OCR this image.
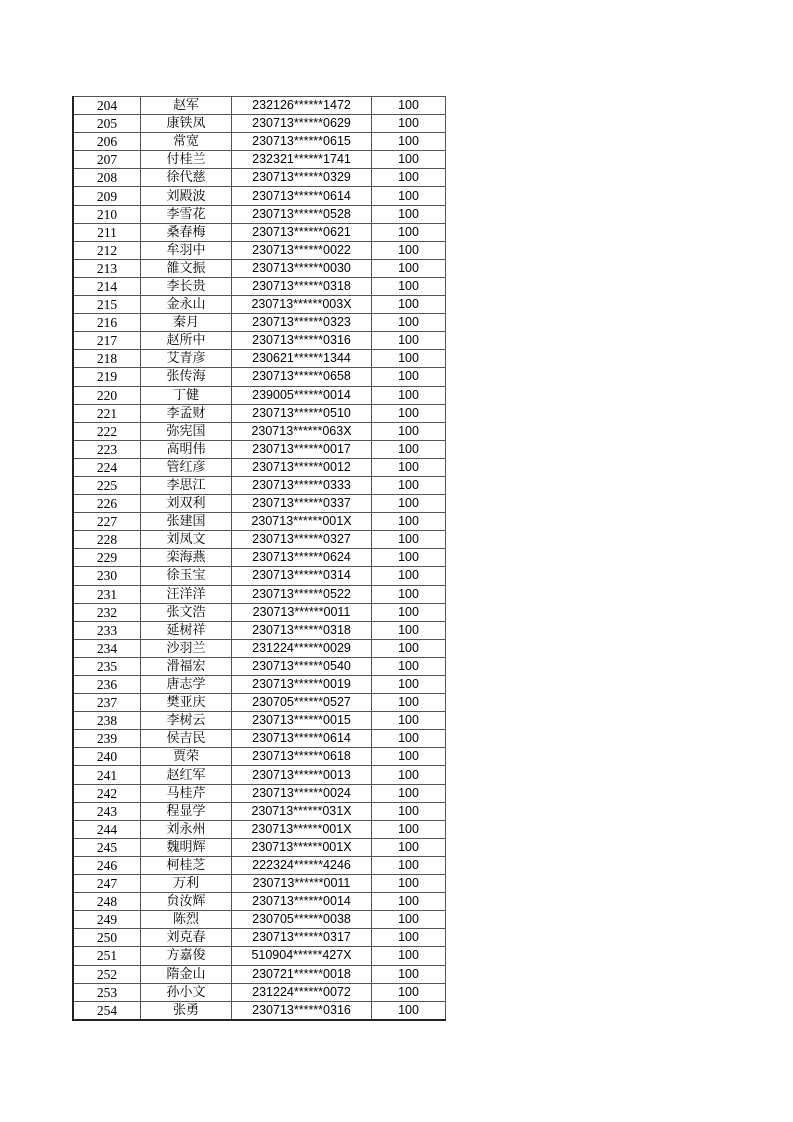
204	赵军	232126******1472	100
205	康铁凤	230713******0629	100
206	常宽	230713******0615	100
207	付桂兰	232321******1741	100
208	徐代慈	230713******0329	100
209	刘殿波	230713******0614	100
210	李雪花	230713******0528	100
211	桑春梅	230713******0621	100
212	牟羽中	230713******0022	100
213	雒文振	230713******0030	100
214	李长贵	230713******0318	100
215	金永山	230713******003X	100
216	秦月	230713******0323	100
217	赵所中	230713******0316	100
218	艾青彦	230621******1344	100
219	张传海	230713******0658	100
220	丁健	239005******0014	100
221	李孟财	230713******0510	100
222	弥宪国	230713******063X	100
223	高明伟	230713******0017	100
224	管红彦	230713******0012	100
225	李思江	230713******0333	100
226	刘双利	230713******0337	100
227	张建国	230713******001X	100
228	刘凤文	230713******0327	100
229	栾海燕	230713******0624	100
230	徐玉宝	230713******0314	100
231	汪洋洋	230713******0522	100
232	张文浩	230713******0011	100
233	延树祥	230713******0318	100
234	沙羽兰	231224******0029	100
235	滑福宏	230713******0540	100
236	唐志学	230713******0019	100
237	樊亚庆	230705******0527	100
238	李树云	230713******0015	100
239	侯吉民	230713******0614	100
240	贾荣	230713******0618	100
241	赵红军	230713******0013	100
242	马桂芹	230713******0024	100
243	程显学	230713******031X	100
244	刘永州	230713******001X	100
245	魏明辉	230713******001X	100
246	柯桂芝	222324******4246	100
247	万利	230713******0011	100
248	贠汝辉	230713******0014	100
249	陈烈	230705******0038	100
250	刘克春	230713******0317	100
251	方嘉俊	510904******427X	100
252	隋金山	230721******0018	100
253	孙小文	231224******0072	100
254	张勇	230713******0316	100
